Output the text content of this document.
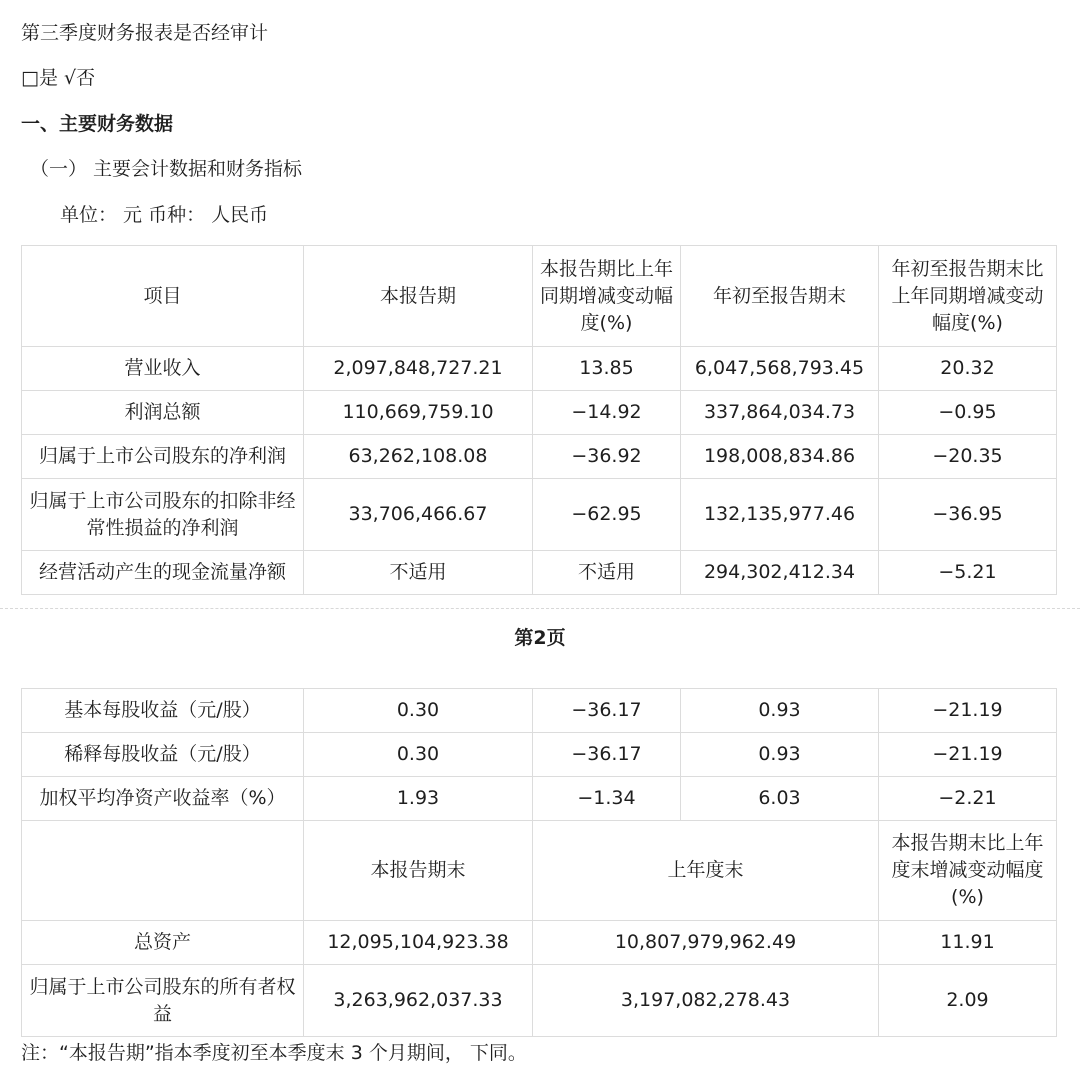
第三季度财务报表是否经审计
□是 √否
一、主要财务数据
（一） 主要会计数据和财务指标
单位： 元 币种： 人民币
项目	本报告期	本报告期比上年同期增减变动幅度(%)	年初至报告期末	年初至报告期末比上年同期增减变动幅度(%)
营业收入	2,097,848,727.21	13.85	6,047,568,793.45	20.32
利润总额	110,669,759.10	−14.92	337,864,034.73	−0.95
归属于上市公司股东的净利润	63,262,108.08	−36.92	198,008,834.86	−20.35
归属于上市公司股东的扣除非经常性损益的净利润	33,706,466.67	−62.95	132,135,977.46	−36.95
经营活动产生的现金流量净额	不适用	不适用	294,302,412.34	−5.21
第2页
基本每股收益（元/股）	0.30	−36.17	0.93	−21.19
稀释每股收益（元/股）	0.30	−36.17	0.93	−21.19
加权平均净资产收益率（%）	1.93	−1.34	6.03	−2.21
	本报告期末	上年度末		本报告期末比上年度末增减变动幅度(%)
总资产	12,095,104,923.38	10,807,979,962.49		11.91
归属于上市公司股东的所有者权益	3,263,962,037.33	3,197,082,278.43		2.09
注：“本报告期”指本季度初至本季度末 3 个月期间， 下同。
